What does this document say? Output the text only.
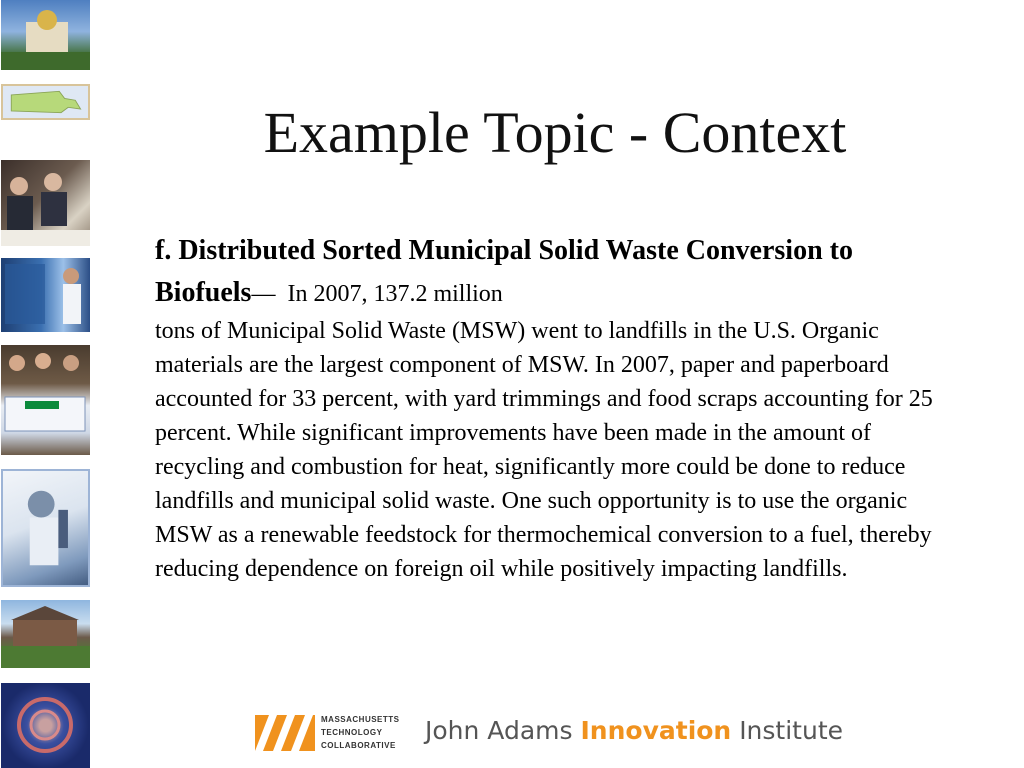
Example Topic - Context
f. Distributed Sorted Municipal Solid Waste Conversion to Biofuels— In 2007, 137.2 million
tons of Municipal Solid Waste (MSW) went to landfills in the U.S. Organic materials are the largest component of MSW. In 2007, paper and paperboard accounted for 33 percent, with yard trimmings and food scraps accounting for 25 percent. While significant improvements have been made in the amount of recycling and combustion for heat, significantly more could be done to reduce landfills and municipal solid waste. One such opportunity is to use the organic MSW as a renewable feedstock for thermochemical conversion to a fuel, thereby reducing dependence on foreign oil while positively impacting landfills.
MASSACHUSETTS
TECHNOLOGY
COLLABORATIVE
John Adams Innovation Institute
